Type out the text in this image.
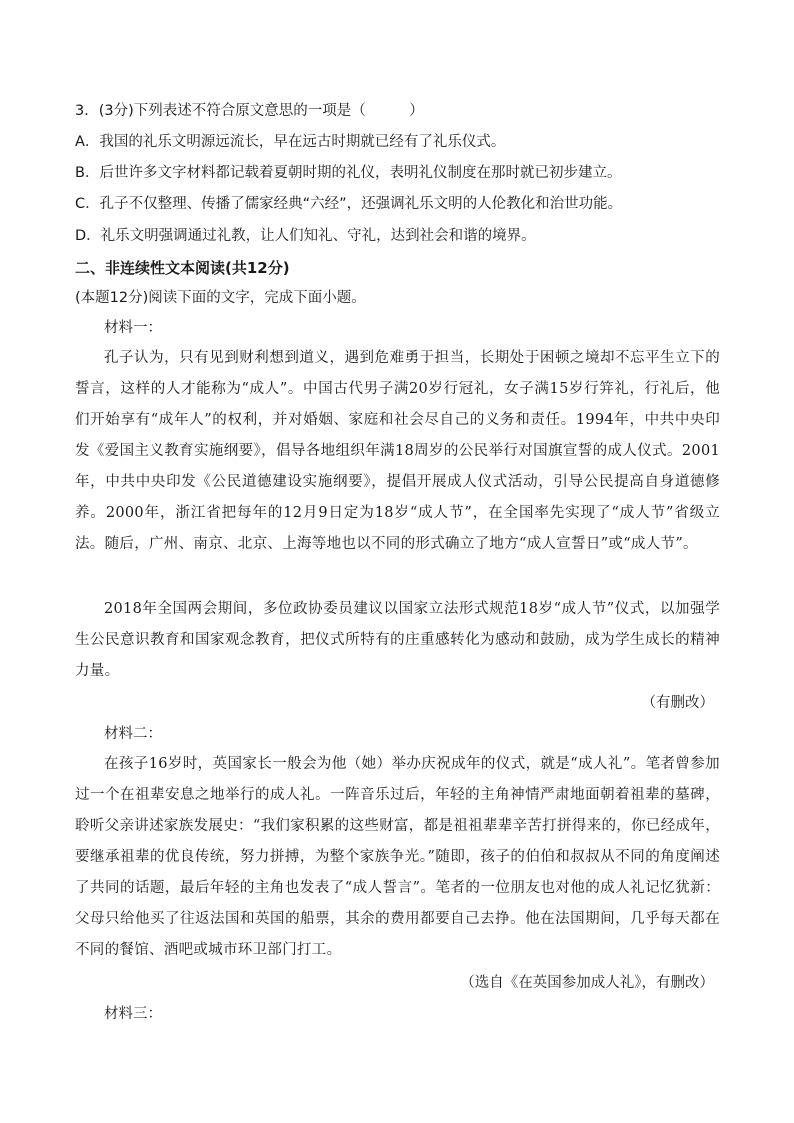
3．(3分)下列表述不符合原文意思的一项是（　　　）
A．我国的礼乐文明源远流长，早在远古时期就已经有了礼乐仪式。
B．后世许多文字材料都记载着夏朝时期的礼仪，表明礼仪制度在那时就已初步建立。
C．孔子不仅整理、传播了儒家经典“六经”，还强调礼乐文明的人伦教化和治世功能。
D．礼乐文明强调通过礼教，让人们知礼、守礼，达到社会和谐的境界。
二、非连续性文本阅读(共12分)
(本题12分)阅读下面的文字，完成下面小题。
材料一：
孔子认为，只有见到财利想到道义，遇到危难勇于担当，长期处于困顿之境却不忘平生立下的誓言，这样的人才能称为“成人”。中国古代男子满20岁行冠礼，女子满15岁行笄礼，行礼后，他们开始享有“成年人”的权利，并对婚姻、家庭和社会尽自己的义务和责任。1994年，中共中央印发《爱国主义教育实施纲要》，倡导各地组织年满18周岁的公民举行对国旗宣誓的成人仪式。2001年，中共中央印发《公民道德建设实施纲要》，提倡开展成人仪式活动，引导公民提高自身道德修养。2000年，浙江省把每年的12月9日定为18岁“成人节”，在全国率先实现了“成人节”省级立法。随后，广州、南京、北京、上海等地也以不同的形式确立了地方“成人宣誓日”或“成人节”。
2018年全国两会期间，多位政协委员建议以国家立法形式规范18岁“成人节”仪式，以加强学生公民意识教育和国家观念教育，把仪式所特有的庄重感转化为感动和鼓励，成为学生成长的精神力量。
（有删改）
材料二：
在孩子16岁时，英国家长一般会为他（她）举办庆祝成年的仪式，就是“成人礼”。笔者曾参加过一个在祖辈安息之地举行的成人礼。一阵音乐过后，年轻的主角神情严肃地面朝着祖辈的墓碑，聆听父亲讲述家族发展史：“我们家积累的这些财富，都是祖祖辈辈辛苦打拼得来的，你已经成年，要继承祖辈的优良传统，努力拼搏，为整个家族争光。”随即，孩子的伯伯和叔叔从不同的角度阐述了共同的话题，最后年轻的主角也发表了“成人誓言”。笔者的一位朋友也对他的成人礼记忆犹新：父母只给他买了往返法国和英国的船票，其余的费用都要自己去挣。他在法国期间，几乎每天都在不同的餐馆、酒吧或城市环卫部门打工。
（选自《在英国参加成人礼》，有删改）
材料三：
